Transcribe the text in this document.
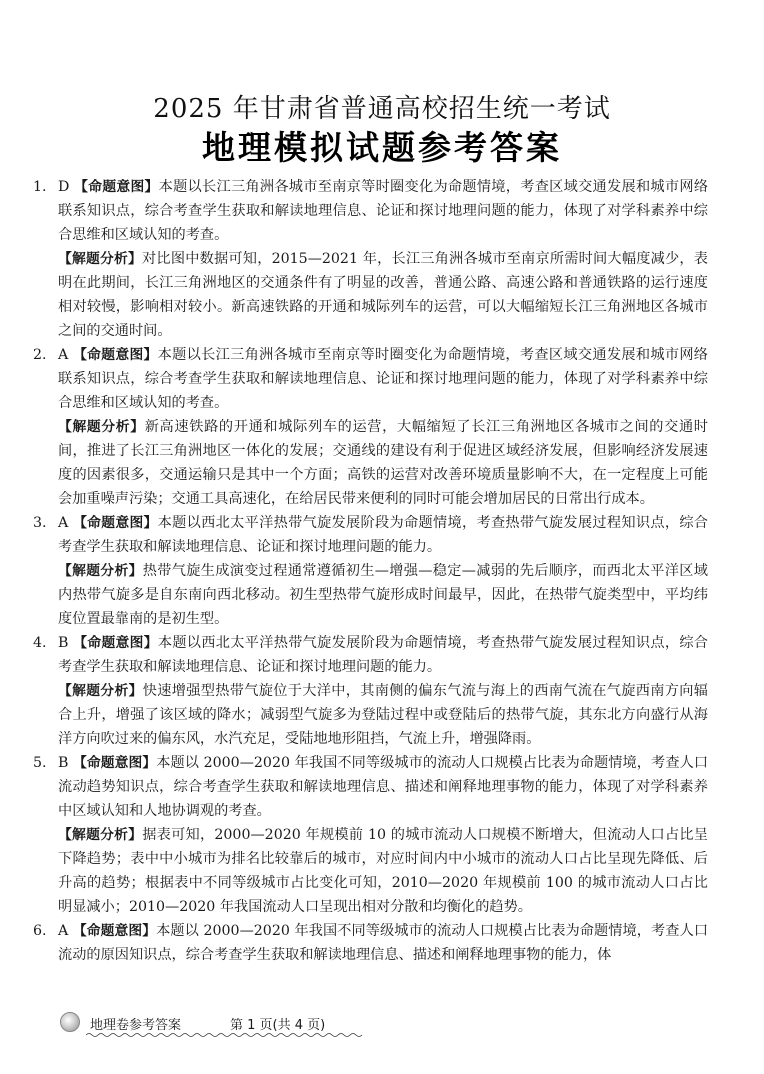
2025 年甘肃省普通高校招生统一考试
地理模拟试题参考答案
1. D 【命题意图】本题以长江三角洲各城市至南京等时圈变化为命题情境，考查区域交通发展和城市网络联系知识点，综合考查学生获取和解读地理信息、论证和探讨地理问题的能力，体现了对学科素养中综合思维和区域认知的考查。
【解题分析】对比图中数据可知，2015—2021 年，长江三角洲各城市至南京所需时间大幅度减少，表明在此期间，长江三角洲地区的交通条件有了明显的改善，普通公路、高速公路和普通铁路的运行速度相对较慢，影响相对较小。新高速铁路的开通和城际列车的运营，可以大幅缩短长江三角洲地区各城市之间的交通时间。
2. A 【命题意图】本题以长江三角洲各城市至南京等时圈变化为命题情境，考查区域交通发展和城市网络联系知识点，综合考查学生获取和解读地理信息、论证和探讨地理问题的能力，体现了对学科素养中综合思维和区域认知的考查。
【解题分析】新高速铁路的开通和城际列车的运营，大幅缩短了长江三角洲地区各城市之间的交通时间，推进了长江三角洲地区一体化的发展；交通线的建设有利于促进区域经济发展，但影响经济发展速度的因素很多，交通运输只是其中一个方面；高铁的运营对改善环境质量影响不大，在一定程度上可能会加重噪声污染；交通工具高速化，在给居民带来便利的同时可能会增加居民的日常出行成本。
3. A 【命题意图】本题以西北太平洋热带气旋发展阶段为命题情境，考查热带气旋发展过程知识点，综合考查学生获取和解读地理信息、论证和探讨地理问题的能力。
【解题分析】热带气旋生成演变过程通常遵循初生—增强—稳定—减弱的先后顺序，而西北太平洋区域内热带气旋多是自东南向西北移动。初生型热带气旋形成时间最早，因此，在热带气旋类型中，平均纬度位置最靠南的是初生型。
4. B 【命题意图】本题以西北太平洋热带气旋发展阶段为命题情境，考查热带气旋发展过程知识点，综合考查学生获取和解读地理信息、论证和探讨地理问题的能力。
【解题分析】快速增强型热带气旋位于大洋中，其南侧的偏东气流与海上的西南气流在气旋西南方向辐合上升，增强了该区域的降水；减弱型气旋多为登陆过程中或登陆后的热带气旋，其东北方向盛行从海洋方向吹过来的偏东风，水汽充足，受陆地地形阻挡，气流上升，增强降雨。
5. B 【命题意图】本题以 2000—2020 年我国不同等级城市的流动人口规模占比表为命题情境，考查人口流动趋势知识点，综合考查学生获取和解读地理信息、描述和阐释地理事物的能力，体现了对学科素养中区域认知和人地协调观的考查。
【解题分析】据表可知，2000—2020 年规模前 10 的城市流动人口规模不断增大，但流动人口占比呈下降趋势；表中中小城市为排名比较靠后的城市，对应时间内中小城市的流动人口占比呈现先降低、后升高的趋势；根据表中不同等级城市占比变化可知，2010—2020 年规模前 100 的城市流动人口占比明显减小；2010—2020 年我国流动人口呈现出相对分散和均衡化的趋势。
6. A 【命题意图】本题以 2000—2020 年我国不同等级城市的流动人口规模占比表为命题情境，考查人口流动的原因知识点，综合考查学生获取和解读地理信息、描述和阐释地理事物的能力，体
地理卷参考答案	第 1 页(共 4 页)
